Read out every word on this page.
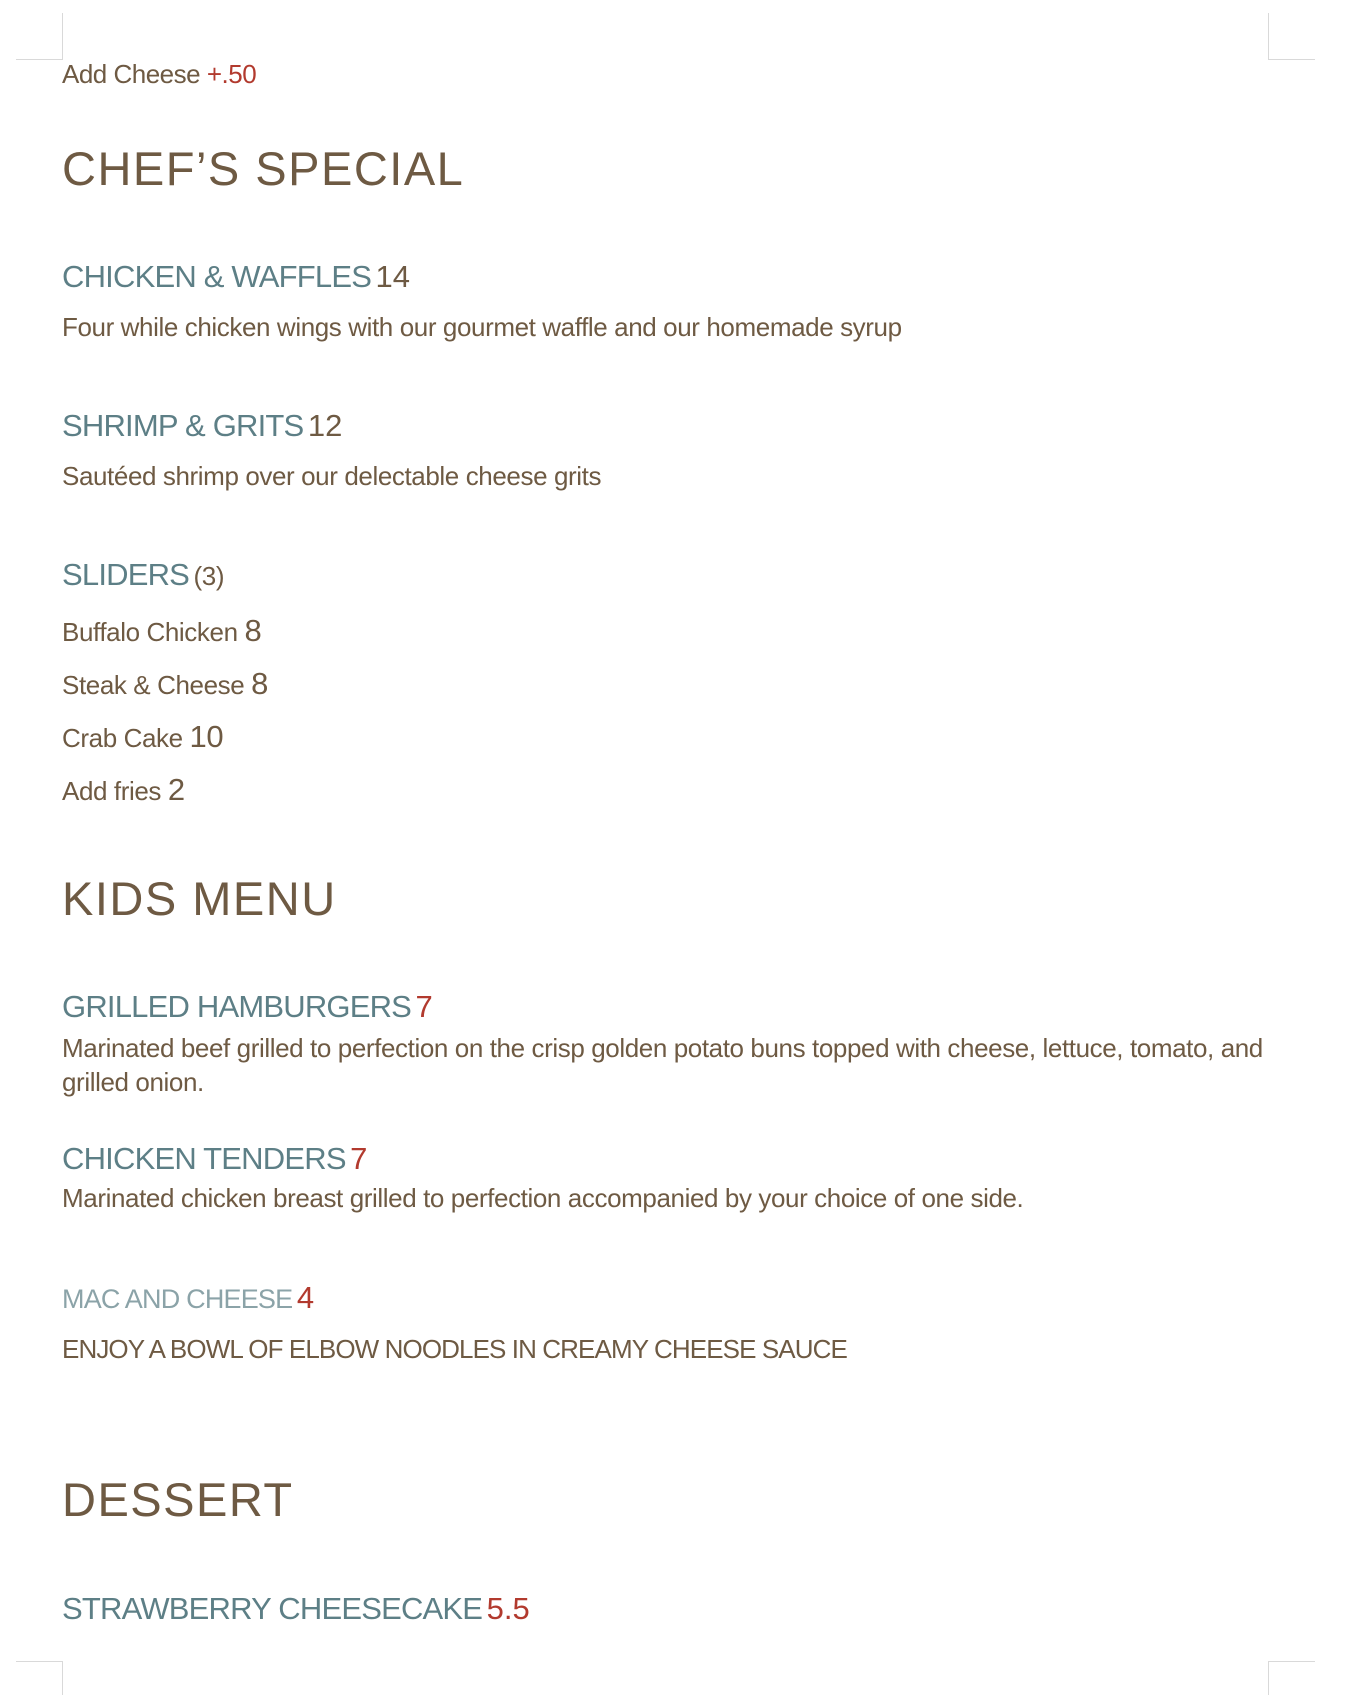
Add Cheese +.50
CHEF’S SPECIAL
CHICKEN & WAFFLES 14
Four while chicken wings with our gourmet waffle and our homemade syrup
SHRIMP & GRITS 12
Sautéed shrimp over our delectable cheese grits
SLIDERS (3)
Buffalo Chicken 8
Steak & Cheese 8
Crab Cake 10
Add fries 2
KIDS MENU
GRILLED HAMBURGERS 7
Marinated beef grilled to perfection on the crisp golden potato buns topped with cheese, lettuce, tomato, and grilled onion.
CHICKEN TENDERS 7
Marinated chicken breast grilled to perfection accompanied by your choice of one side.
MAC AND CHEESE 4
ENJOY A BOWL OF ELBOW NOODLES IN CREAMY CHEESE SAUCE
DESSERT
STRAWBERRY CHEESECAKE 5.5
